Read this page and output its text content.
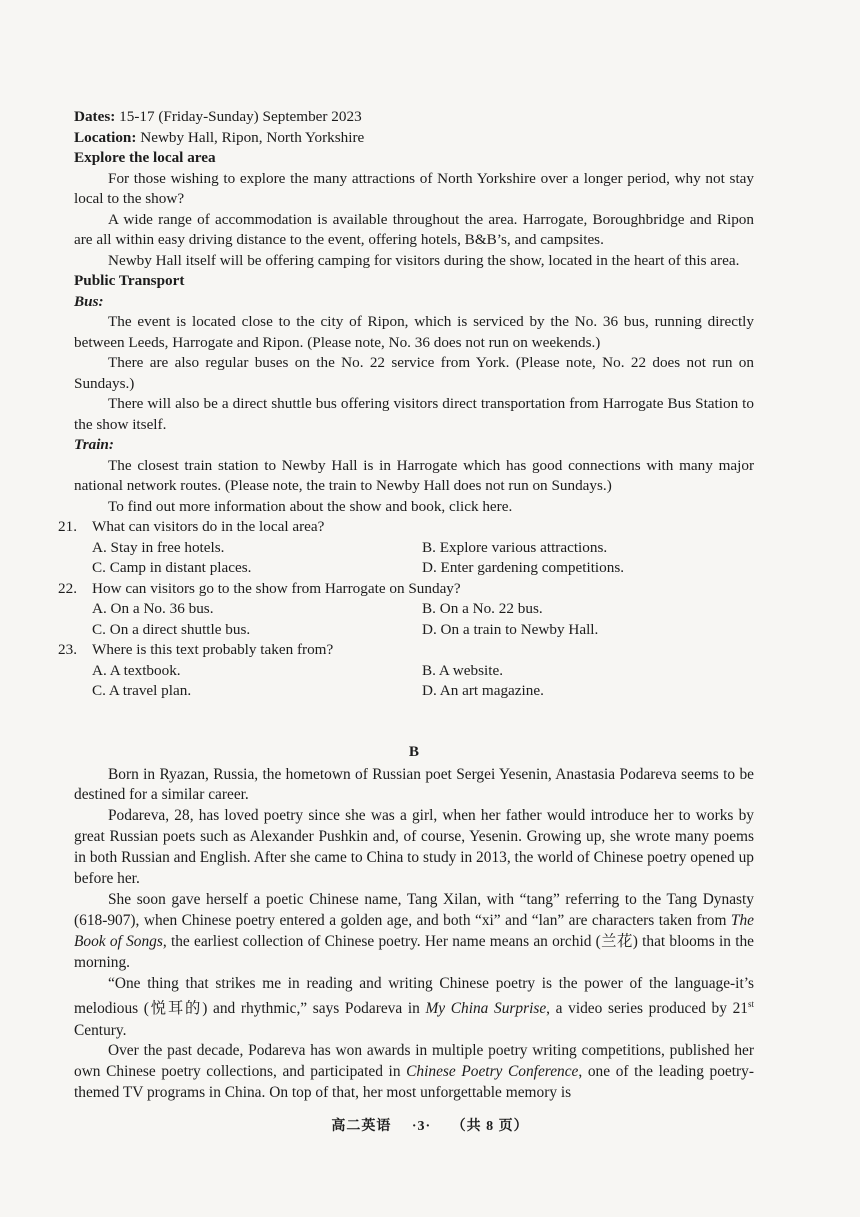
Dates: 15-17 (Friday-Sunday) September 2023
Location: Newby Hall, Ripon, North Yorkshire
Explore the local area

For those wishing to explore the many attractions of North Yorkshire over a longer period, why not stay local to the show?

A wide range of accommodation is available throughout the area. Harrogate, Boroughbridge and Ripon are all within easy driving distance to the event, offering hotels, B&B’s, and campsites.

Newby Hall itself will be offering camping for visitors during the show, located in the heart of this area.

Public Transport
Bus:

The event is located close to the city of Ripon, which is serviced by the No. 36 bus, running directly between Leeds, Harrogate and Ripon. (Please note, No. 36 does not run on weekends.)

There are also regular buses on the No. 22 service from York. (Please note, No. 22 does not run on Sundays.)

There will also be a direct shuttle bus offering visitors direct transportation from Harrogate Bus Station to the show itself.

Train:

The closest train station to Newby Hall is in Harrogate which has good connections with many major national network routes. (Please note, the train to Newby Hall does not run on Sundays.)

To find out more information about the show and book, click here.

21. What can visitors do in the local area?
A. Stay in free hotels.	B. Explore various attractions.
C. Camp in distant places.	D. Enter gardening competitions.
22. How can visitors go to the show from Harrogate on Sunday?
A. On a No. 36 bus.	B. On a No. 22 bus.
C. On a direct shuttle bus.	D. On a train to Newby Hall.
23. Where is this text probably taken from?
A. A textbook.	B. A website.
C. A travel plan.	D. An art magazine.
B

Born in Ryazan, Russia, the hometown of Russian poet Sergei Yesenin, Anastasia Podareva seems to be destined for a similar career.

Podareva, 28, has loved poetry since she was a girl, when her father would introduce her to works by great Russian poets such as Alexander Pushkin and, of course, Yesenin. Growing up, she wrote many poems in both Russian and English. After she came to China to study in 2013, the world of Chinese poetry opened up before her.

She soon gave herself a poetic Chinese name, Tang Xilan, with “tang” referring to the Tang Dynasty (618-907), when Chinese poetry entered a golden age, and both “xi” and “lan” are characters taken from The Book of Songs, the earliest collection of Chinese poetry. Her name means an orchid (兰花) that blooms in the morning.

“One thing that strikes me in reading and writing Chinese poetry is the power of the language-it’s melodious (悦耳的) and rhythmic,” says Podareva in My China Surprise, a video series produced by 21st Century.

Over the past decade, Podareva has won awards in multiple poetry writing competitions, published her own Chinese poetry collections, and participated in Chinese Poetry Conference, one of the leading poetry-themed TV programs in China. On top of that, her most unforgettable memory is

高二英语 ·3· （共 8 页）
